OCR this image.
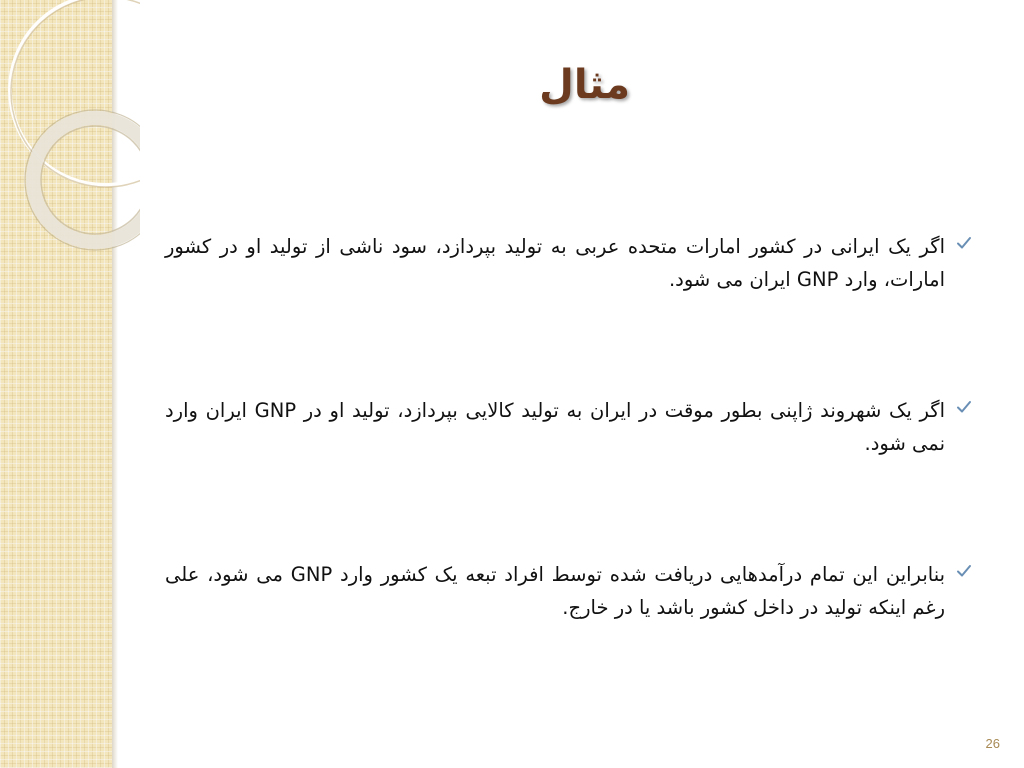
مثال
اگر یک ایرانی در کشور امارات متحده عربی به تولید بپردازد، سود ناشی از تولید او در کشور امارات، وارد GNP ایران می شود.
اگر یک شهروند ژاپنی بطور موقت در ایران به تولید کالایی بپردازد، تولید او در GNP ایران وارد نمی شود.
بنابراین این تمام درآمدهایی دریافت شده توسط افراد تبعه یک کشور وارد GNP می شود، علی رغم اینکه تولید در داخل کشور باشد یا در خارج.
26
